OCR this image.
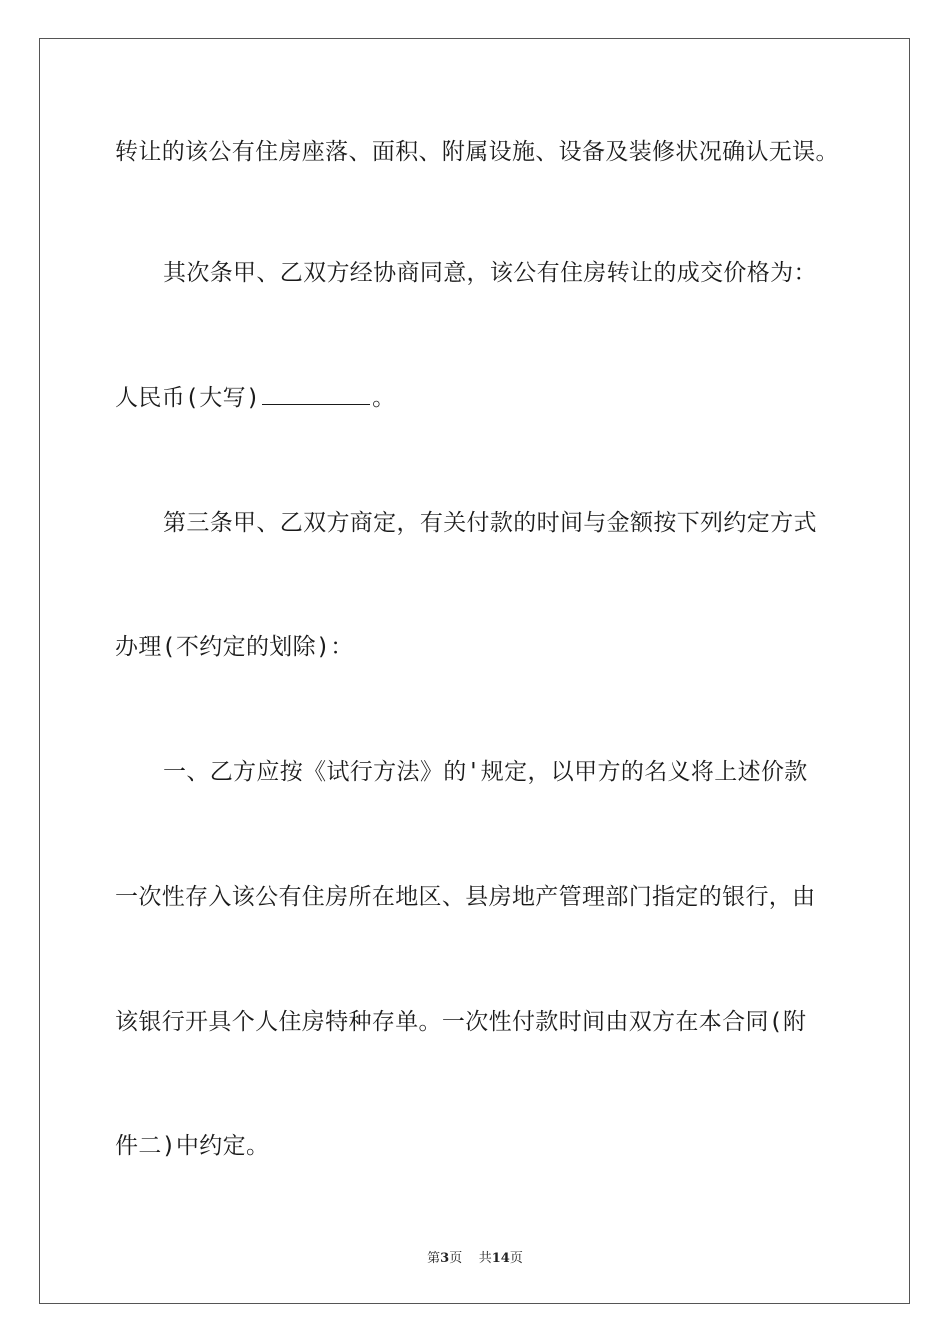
转让的该公有住房座落、面积、附属设施、设备及装修状况确认无误。
其次条甲、乙双方经协商同意，该公有住房转让的成交价格为：
人民币(大写)	。
第三条甲、乙双方商定，有关付款的时间与金额按下列约定方式
办理(不约定的划除)：
一、乙方应按《试行方法》的'规定，以甲方的名义将上述价款
一次性存入该公有住房所在地区、县房地产管理部门指定的银行，由
该银行开具个人住房特种存单。一次性付款时间由双方在本合同(附
件二)中约定。
第3页    共14页
